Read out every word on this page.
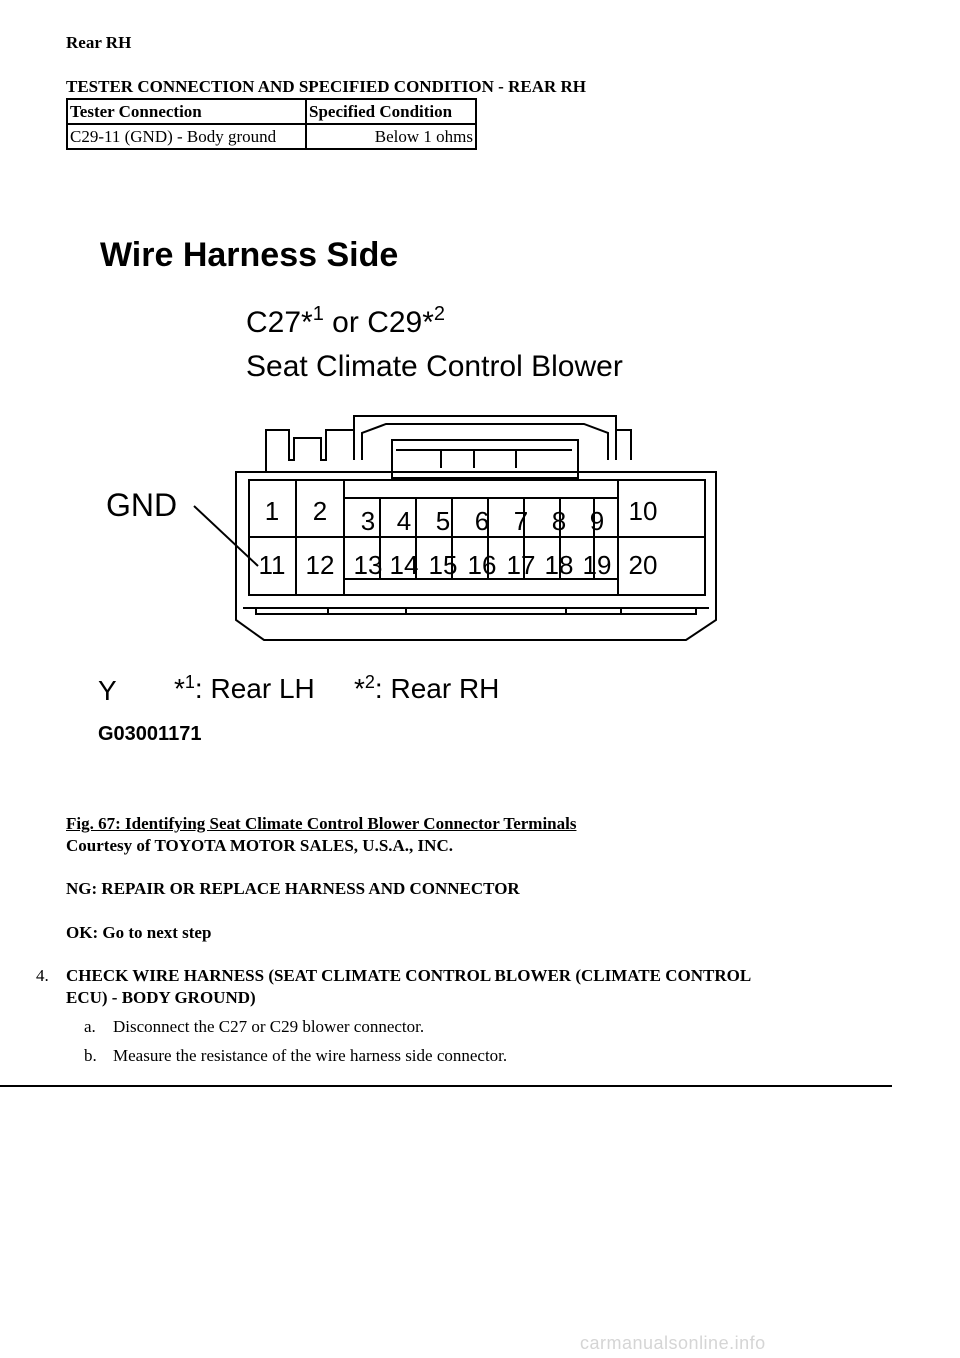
Rear RH
TESTER CONNECTION AND SPECIFIED CONDITION - REAR RH
Tester Connection	Specified Condition
C29-11 (GND) - Body ground	Below 1 ohms
Wire Harness Side
C27*$^1$ or C29*$^2$
Seat Climate Control Blower
GND	1 2 3 4 5 6 7 8 9 10
11 12 13 14 15 16 17 18 19 20
Y *$^1$: Rear LH *$^2$: Rear RH
G03001171
Fig. 67: Identifying Seat Climate Control Blower Connector Terminals
Courtesy of TOYOTA MOTOR SALES, U.S.A., INC.
NG: REPAIR OR REPLACE HARNESS AND CONNECTOR
OK: Go to next step
4. CHECK WIRE HARNESS (SEAT CLIMATE CONTROL BLOWER (CLIMATE CONTROL
ECU) - BODY GROUND)
a. Disconnect the C27 or C29 blower connector.
b. Measure the resistance of the wire harness side connector.
carmanualsonline.info
